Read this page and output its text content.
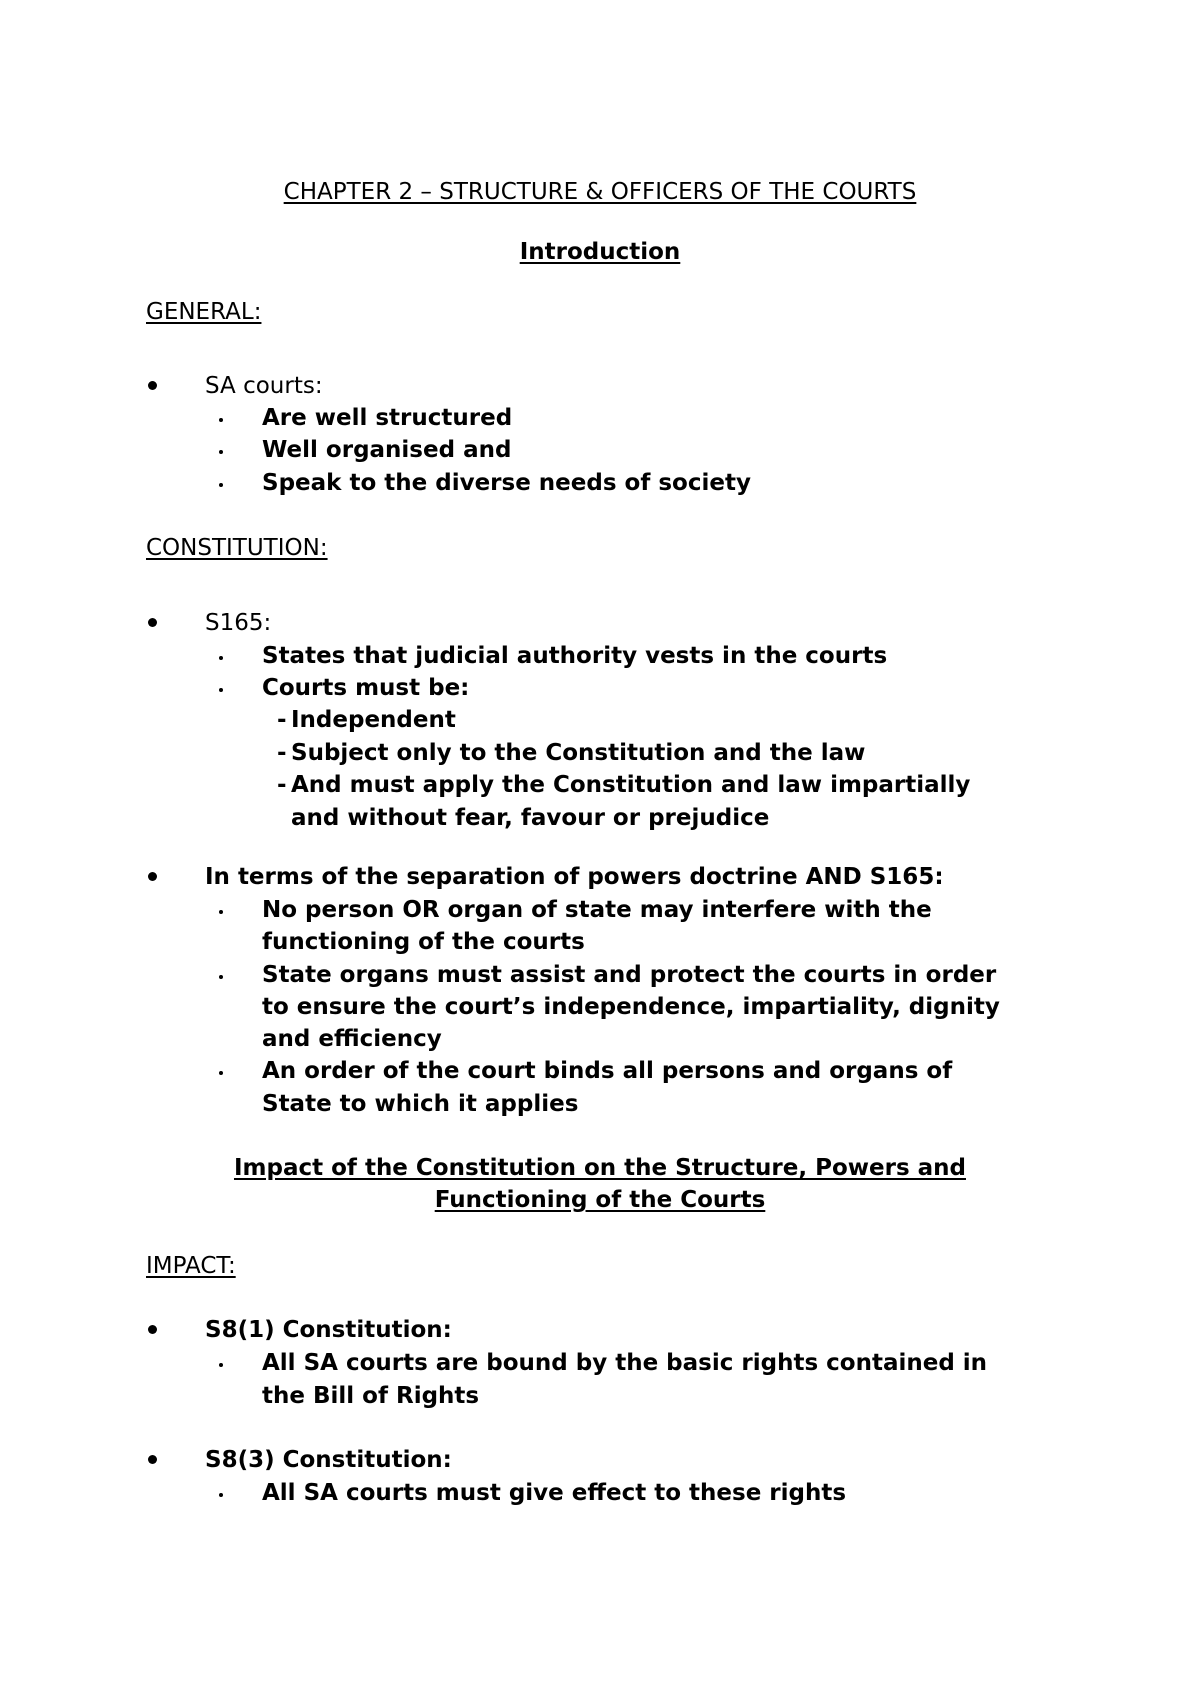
CHAPTER 2 – STRUCTURE & OFFICERS OF THE COURTS
Introduction
GENERAL:
SA courts:
Are well structured
Well organised and
Speak to the diverse needs of society
CONSTITUTION:
S165:
States that judicial authority vests in the courts
Courts must be:
- Independent
- Subject only to the Constitution and the law
- And must apply the Constitution and law impartially
and without fear, favour or prejudice
In terms of the separation of powers doctrine AND S165:
No person OR organ of state may interfere with the
functioning of the courts
State organs must assist and protect the courts in order
to ensure the court’s independence, impartiality, dignity
and efficiency
An order of the court binds all persons and organs of
State to which it applies
Impact of the Constitution on the Structure, Powers and
Functioning of the Courts
IMPACT:
S8(1) Constitution:
All SA courts are bound by the basic rights contained in
the Bill of Rights
S8(3) Constitution:
All SA courts must give effect to these rights
